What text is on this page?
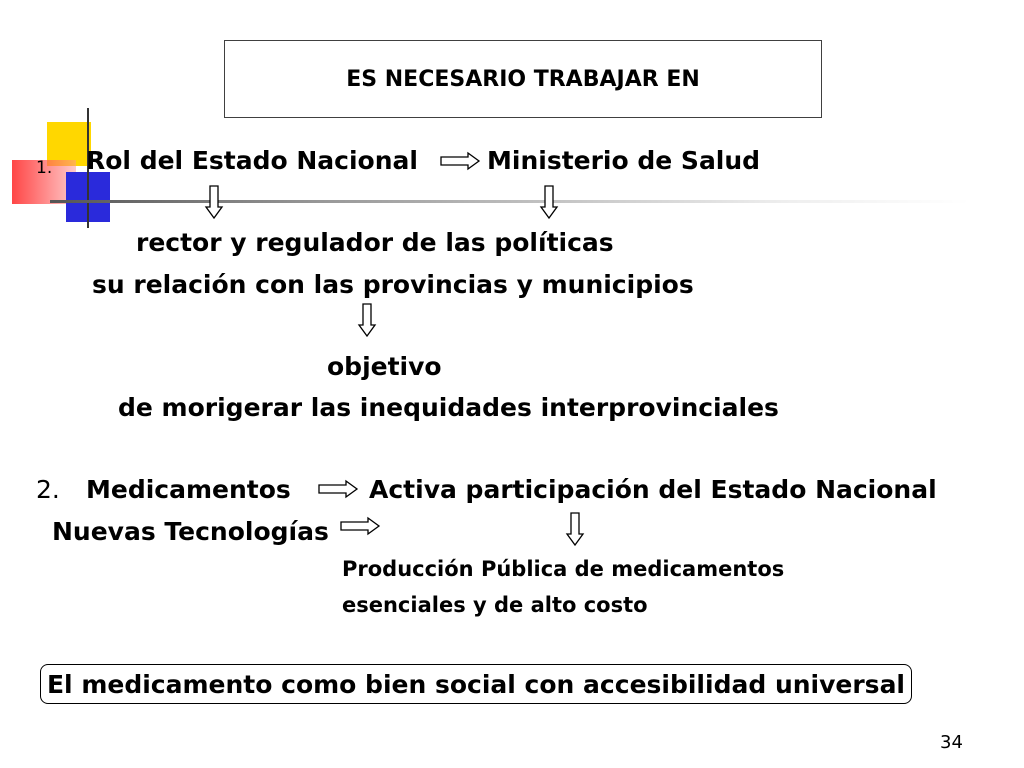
ES NECESARIO TRABAJAR EN
1. Rol del Estado Nacional	Ministerio de Salud
rector y regulador de las políticas
su relación con las provincias y municipios
objetivo
de morigerar las inequidades interprovinciales
2. Medicamentos	Activa participación del Estado Nacional
Nuevas Tecnologías
Producción Pública de medicamentos
esenciales y de alto costo
El medicamento como bien social con accesibilidad universal
34
